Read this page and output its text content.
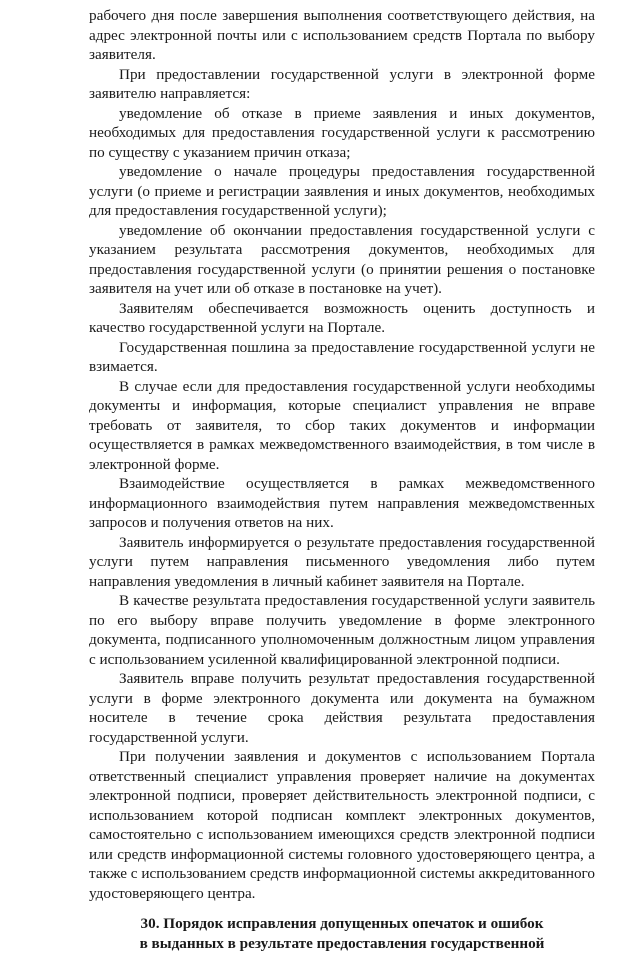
рабочего дня после завершения выполнения соответствующего действия, на адрес электронной почты или с использованием средств Портала по выбору заявителя.

При предоставлении государственной услуги в электронной форме заявителю направляется:

уведомление об отказе в приеме заявления и иных документов, необходимых для предоставления государственной услуги к рассмотрению по существу с указанием причин отказа;

уведомление о начале процедуры предоставления государственной услуги (о приеме и регистрации заявления и иных документов, необходимых для предоставления государственной услуги);

уведомление об окончании предоставления государственной услуги с указанием результата рассмотрения документов, необходимых для предоставления государственной услуги (о принятии решения о постановке заявителя на учет или об отказе в постановке на учет).

Заявителям обеспечивается возможность оценить доступность и качество государственной услуги на Портале.

Государственная пошлина за предоставление государственной услуги не взимается.

В случае если для предоставления государственной услуги необходимы документы и информация, которые специалист управления не вправе требовать от заявителя, то сбор таких документов и информации осуществляется в рамках межведомственного взаимодействия, в том числе в электронной форме.

Взаимодействие осуществляется в рамках межведомственного информационного взаимодействия путем направления межведомственных запросов и получения ответов на них.

Заявитель информируется о результате предоставления государственной услуги путем направления письменного уведомления либо путем направления уведомления в личный кабинет заявителя на Портале.

В качестве результата предоставления государственной услуги заявитель по его выбору вправе получить уведомление в форме электронного документа, подписанного уполномоченным должностным лицом управления с использованием усиленной квалифицированной электронной подписи.

Заявитель вправе получить результат предоставления государственной услуги в форме электронного документа или документа на бумажном носителе в течение срока действия результата предоставления государственной услуги.

При получении заявления и документов с использованием Портала ответственный специалист управления проверяет наличие на документах электронной подписи, проверяет действительность электронной подписи, с использованием которой подписан комплект электронных документов, самостоятельно с использованием имеющихся средств электронной подписи или средств информационной системы головного удостоверяющего центра, а также с использованием средств информационной системы аккредитованного удостоверяющего центра.

30. Порядок исправления допущенных опечаток и ошибок
в выданных в результате предоставления государственной
